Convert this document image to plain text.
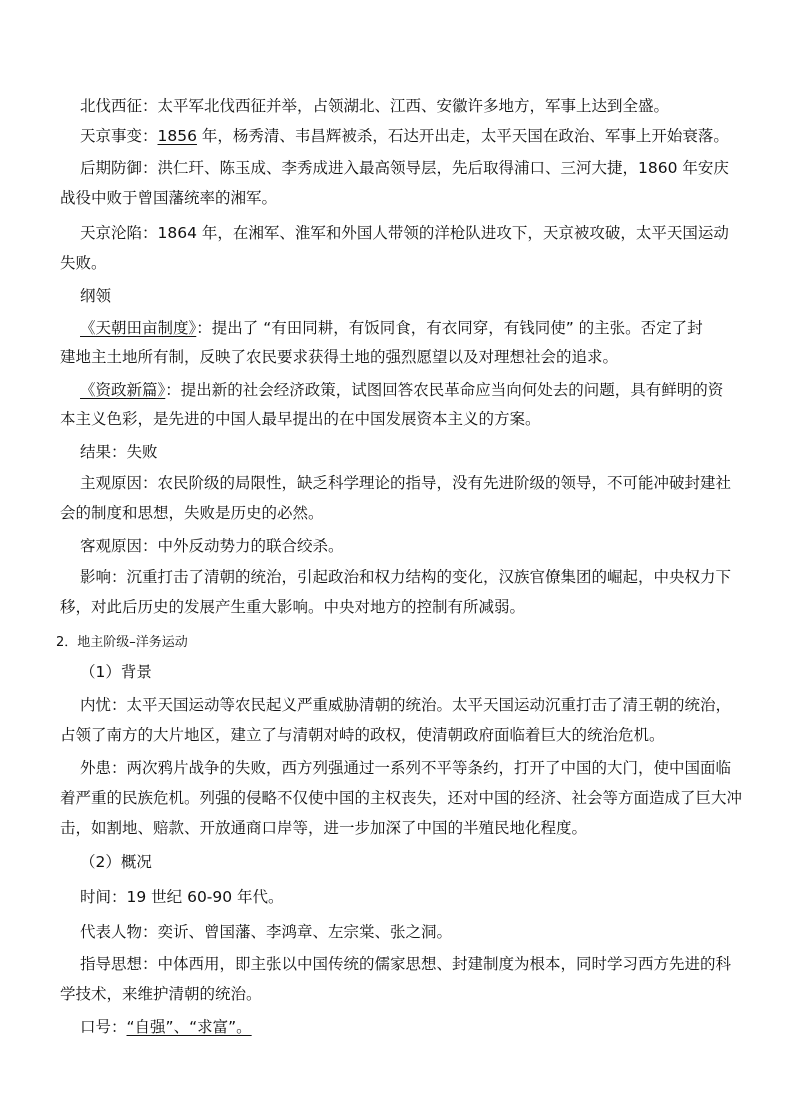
北伐西征：太平军北伐西征并举，占领湖北、江西、安徽许多地方，军事上达到全盛。
天京事变：1856 年，杨秀清、韦昌辉被杀，石达开出走，太平天国在政治、军事上开始衰落。
后期防御：洪仁玕、陈玉成、李秀成进入最高领导层，先后取得浦口、三河大捷，1860 年安庆
战役中败于曾国藩统率的湘军。
天京沦陷：1864 年，在湘军、淮军和外国人带领的洋枪队进攻下，天京被攻破，太平天国运动
失败。
纲领
《天朝田亩制度》：提出了 “有田同耕，有饭同食，有衣同穿，有钱同使” 的主张。否定了封
建地主土地所有制，反映了农民要求获得土地的强烈愿望以及对理想社会的追求。
《资政新篇》：提出新的社会经济政策，试图回答农民革命应当向何处去的问题，具有鲜明的资
本主义色彩，是先进的中国人最早提出的在中国发展资本主义的方案。
结果：失败
主观原因：农民阶级的局限性，缺乏科学理论的指导，没有先进阶级的领导，不可能冲破封建社
会的制度和思想，失败是历史的必然。
客观原因：中外反动势力的联合绞杀。
影响：沉重打击了清朝的统治，引起政治和权力结构的变化，汉族官僚集团的崛起，中央权力下
移，对此后历史的发展产生重大影响。中央对地方的控制有所减弱。
2．地主阶级–洋务运动
（1）背景
内忧：太平天国运动等农民起义严重威胁清朝的统治。太平天国运动沉重打击了清王朝的统治，
占领了南方的大片地区，建立了与清朝对峙的政权，使清朝政府面临着巨大的统治危机。
外患：两次鸦片战争的失败，西方列强通过一系列不平等条约，打开了中国的大门，使中国面临
着严重的民族危机。列强的侵略不仅使中国的主权丧失，还对中国的经济、社会等方面造成了巨大冲
击，如割地、赔款、开放通商口岸等，进一步加深了中国的半殖民地化程度。
（2）概况
时间：19 世纪 60-90 年代。
代表人物：奕䜣、曾国藩、李鸿章、左宗棠、张之洞。
指导思想：中体西用，即主张以中国传统的儒家思想、封建制度为根本，同时学习西方先进的科
学技术，来维护清朝的统治。
口号：“自强”、“求富”。
